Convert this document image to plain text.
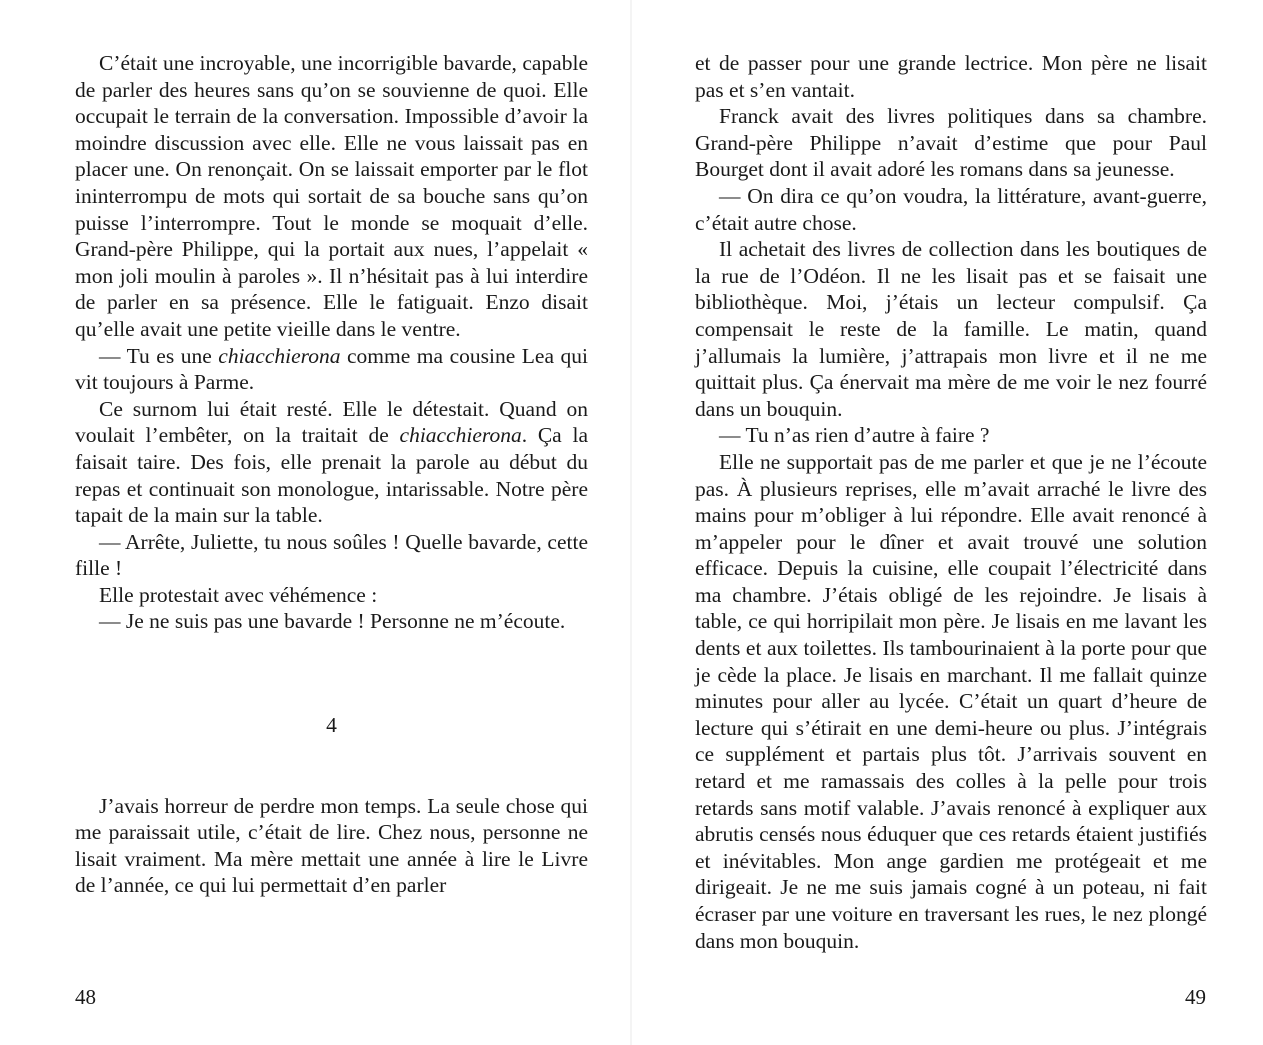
C’était une incroyable, une incorrigible bavarde, capable de parler des heures sans qu’on se souvienne de quoi. Elle occupait le terrain de la conversation. Impossible d’avoir la moindre discussion avec elle. Elle ne vous laissait pas en placer une. On renonçait. On se laissait emporter par le flot ininterrompu de mots qui sortait de sa bouche sans qu’on puisse l’interrompre. Tout le monde se moquait d’elle. Grand-père Philippe, qui la portait aux nues, l’appelait « mon joli moulin à paroles ». Il n’hésitait pas à lui interdire de parler en sa présence. Elle le fatiguait. Enzo disait qu’elle avait une petite vieille dans le ventre.

— Tu es une chiacchierona comme ma cousine Lea qui vit toujours à Parme.

Ce surnom lui était resté. Elle le détestait. Quand on voulait l’embêter, on la traitait de chiacchierona. Ça la faisait taire. Des fois, elle prenait la parole au début du repas et continuait son monologue, intarissable. Notre père tapait de la main sur la table.

— Arrête, Juliette, tu nous soûles ! Quelle bavarde, cette fille !

Elle protestait avec véhémence :

— Je ne suis pas une bavarde ! Personne ne m’écoute.

4

J’avais horreur de perdre mon temps. La seule chose qui me paraissait utile, c’était de lire. Chez nous, personne ne lisait vraiment. Ma mère mettait une année à lire le Livre de l’année, ce qui lui permettait d’en parler

48

et de passer pour une grande lectrice. Mon père ne lisait pas et s’en vantait.

Franck avait des livres politiques dans sa chambre. Grand-père Philippe n’avait d’estime que pour Paul Bourget dont il avait adoré les romans dans sa jeunesse.

— On dira ce qu’on voudra, la littérature, avant-guerre, c’était autre chose.

Il achetait des livres de collection dans les boutiques de la rue de l’Odéon. Il ne les lisait pas et se faisait une bibliothèque. Moi, j’étais un lecteur compulsif. Ça compensait le reste de la famille. Le matin, quand j’allumais la lumière, j’attrapais mon livre et il ne me quittait plus. Ça énervait ma mère de me voir le nez fourré dans un bouquin.

— Tu n’as rien d’autre à faire ?

Elle ne supportait pas de me parler et que je ne l’écoute pas. À plusieurs reprises, elle m’avait arraché le livre des mains pour m’obliger à lui répondre. Elle avait renoncé à m’appeler pour le dîner et avait trouvé une solution efficace. Depuis la cuisine, elle coupait l’électricité dans ma chambre. J’étais obligé de les rejoindre. Je lisais à table, ce qui horripilait mon père. Je lisais en me lavant les dents et aux toilettes. Ils tambourinaient à la porte pour que je cède la place. Je lisais en marchant. Il me fallait quinze minutes pour aller au lycée. C’était un quart d’heure de lecture qui s’étirait en une demi-heure ou plus. J’intégrais ce supplément et partais plus tôt. J’arrivais souvent en retard et me ramassais des colles à la pelle pour trois retards sans motif valable. J’avais renoncé à expliquer aux abrutis censés nous éduquer que ces retards étaient justifiés et inévitables. Mon ange gardien me protégeait et me dirigeait. Je ne me suis jamais cogné à un poteau, ni fait écraser par une voiture en traversant les rues, le nez plongé dans mon bouquin.

49
